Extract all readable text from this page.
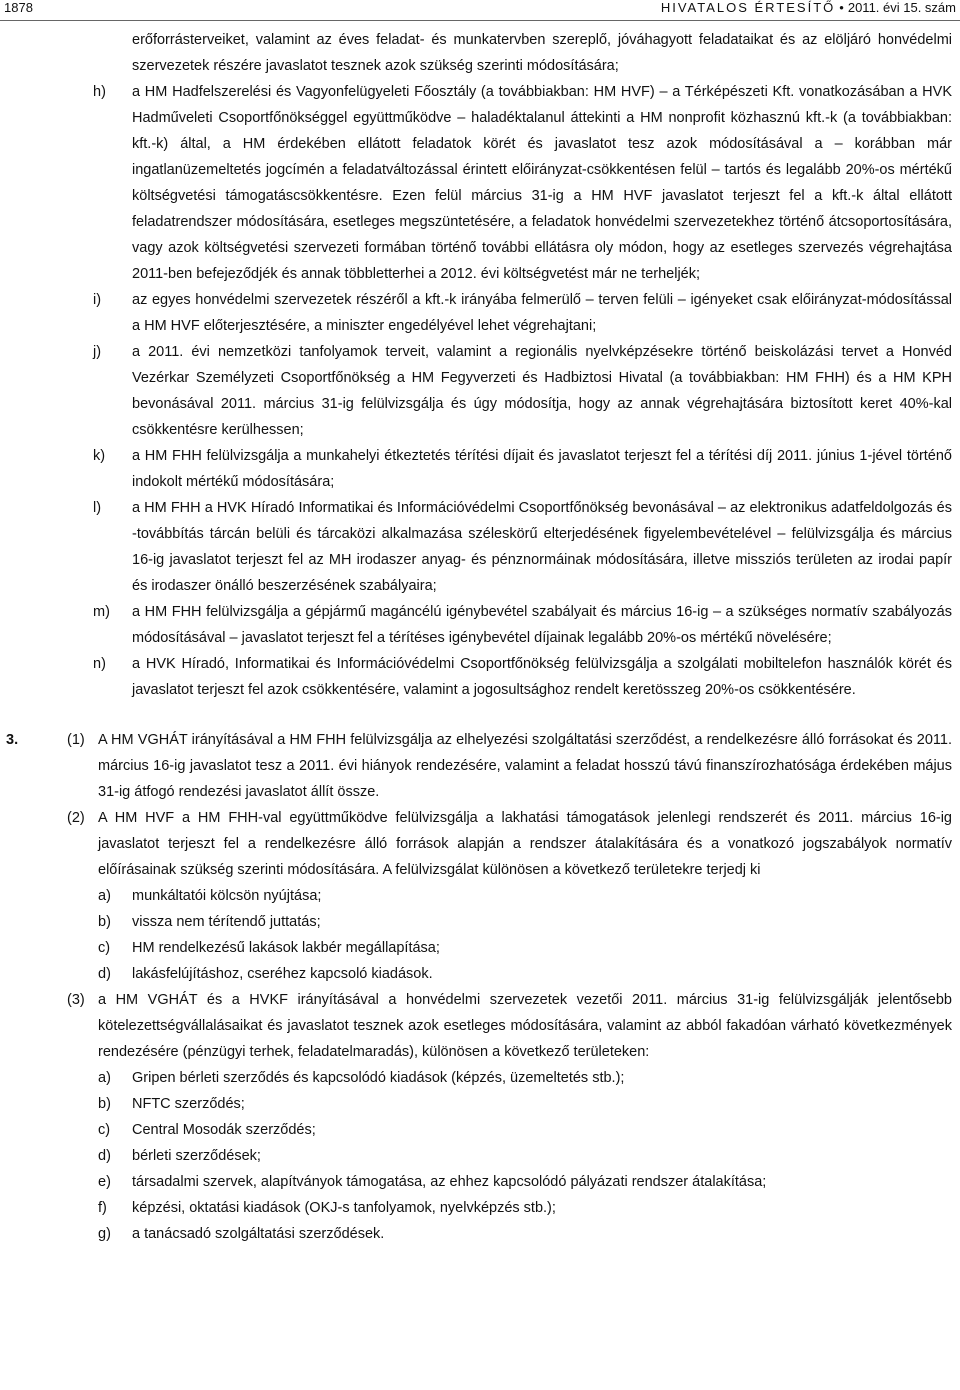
1878	HIVATALOS ÉRTESÍTŐ • 2011. évi 15. szám

erőforrásterveiket, valamint az éves feladat- és munkatervben szereplő, jóváhagyott feladataikat és az elöljáró honvédelmi szervezetek részére javaslatot tesznek azok szükség szerinti módosítására;

h) a HM Hadfelszerelési és Vagyonfelügyeleti Főosztály (a továbbiakban: HM HVF) – a Térképészeti Kft. vonatkozásában a HVK Hadműveleti Csoportfőnökséggel együttműködve – haladéktalanul áttekinti a HM nonprofit közhasznú kft.-k (a továbbiakban: kft.-k) által, a HM érdekében ellátott feladatok körét és javaslatot tesz azok módosításával a – korábban már ingatlanüzemeltetés jogcímén a feladatváltozással érintett előirányzat-csökkentésen felül – tartós és legalább 20%-os mértékű költségvetési támogatáscsökkentésre. Ezen felül március 31-ig a HM HVF javaslatot terjeszt fel a kft.-k által ellátott feladatrendszer módosítására, esetleges megszüntetésére, a feladatok honvédelmi szervezetekhez történő átcsoportosítására, vagy azok költségvetési szervezeti formában történő további ellátásra oly módon, hogy az esetleges szervezés végrehajtása 2011-ben befejeződjék és annak többletterhei a 2012. évi költségvetést már ne terheljék;

i) az egyes honvédelmi szervezetek részéről a kft.-k irányába felmerülő – terven felüli – igényeket csak előirányzat-módosítással a HM HVF előterjesztésére, a miniszter engedélyével lehet végrehajtani;

j) a 2011. évi nemzetközi tanfolyamok terveit, valamint a regionális nyelvképzésekre történő beiskolázási tervet a Honvéd Vezérkar Személyzeti Csoportfőnökség a HM Fegyverzeti és Hadbiztosi Hivatal (a továbbiakban: HM FHH) és a HM KPH bevonásával 2011. március 31-ig felülvizsgálja és úgy módosítja, hogy az annak végrehajtására biztosított keret 40%-kal csökkentésre kerülhessen;

k) a HM FHH felülvizsgálja a munkahelyi étkeztetés térítési díjait és javaslatot terjeszt fel a térítési díj 2011. június 1-jével történő indokolt mértékű módosítására;

l) a HM FHH a HVK Híradó Informatikai és Információvédelmi Csoportfőnökség bevonásával – az elektronikus adatfeldolgozás és -továbbítás tárcán belüli és tárcaközi alkalmazása széleskörű elterjedésének figyelembevételével – felülvizsgálja és március 16-ig javaslatot terjeszt fel az MH irodaszer anyag- és pénznormáinak módosítására, illetve missziós területen az irodai papír és irodaszer önálló beszerzésének szabályaira;

m) a HM FHH felülvizsgálja a gépjármű magáncélú igénybevétel szabályait és március 16-ig – a szükséges normatív szabályozás módosításával – javaslatot terjeszt fel a térítéses igénybevétel díjainak legalább 20%-os mértékű növelésére;

n) a HVK Híradó, Informatikai és Információvédelmi Csoportfőnökség felülvizsgálja a szolgálati mobiltelefon használók körét és javaslatot terjeszt fel azok csökkentésére, valamint a jogosultsághoz rendelt keretösszeg 20%-os csökkentésére.

3.	(1) A HM VGHÁT irányításával a HM FHH felülvizsgálja az elhelyezési szolgáltatási szerződést, a rendelkezésre álló forrásokat és 2011. március 16-ig javaslatot tesz a 2011. évi hiányok rendezésére, valamint a feladat hosszú távú finanszírozhatósága érdekében május 31-ig átfogó rendezési javaslatot állít össze.

(2) A HM HVF a HM FHH-val együttműködve felülvizsgálja a lakhatási támogatások jelenlegi rendszerét és 2011. március 16-ig javaslatot terjeszt fel a rendelkezésre álló források alapján a rendszer átalakítására és a vonatkozó jogszabályok normatív előírásainak szükség szerinti módosítására. A felülvizsgálat különösen a következő területekre terjedj ki

a) munkáltatói kölcsön nyújtása;

b) vissza nem térítendő juttatás;

c) HM rendelkezésű lakások lakbér megállapítása;

d) lakásfelújításhoz, cseréhez kapcsoló kiadások.

(3) a HM VGHÁT és a HVKF irányításával a honvédelmi szervezetek vezetői 2011. március 31-ig felülvizsgálják jelentősebb kötelezettségvállalásaikat és javaslatot tesznek azok esetleges módosítására, valamint az abból fakadóan várható következmények rendezésére (pénzügyi terhek, feladatelmaradás), különösen a következő területeken:

a) Gripen bérleti szerződés és kapcsolódó kiadások (képzés, üzemeltetés stb.);

b) NFTC szerződés;

c) Central Mosodák szerződés;

d) bérleti szerződések;

e) társadalmi szervek, alapítványok támogatása, az ehhez kapcsolódó pályázati rendszer átalakítása;

f) képzési, oktatási kiadások (OKJ-s tanfolyamok, nyelvképzés stb.);

g) a tanácsadó szolgáltatási szerződések.
